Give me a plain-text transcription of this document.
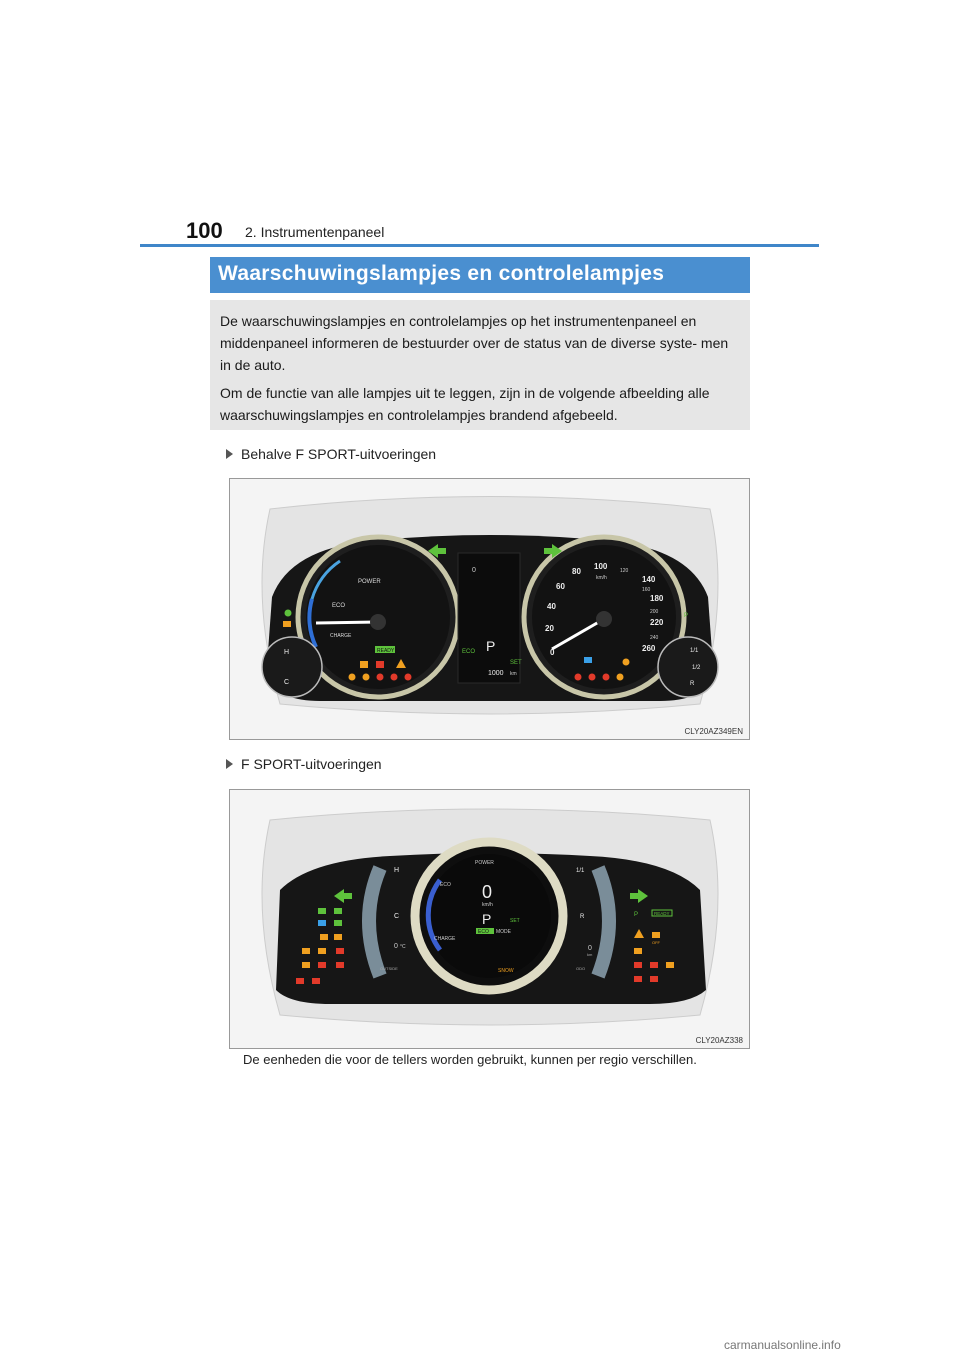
100 2. Instrumentenpaneel
Waarschuwingslampjes en controlelampjes

De waarschuwingslampjes en controlelampjes op het instrumentenpaneel en middenpaneel informeren de bestuurder over de status van de diverse syste- men in de auto.

Om de functie van alle lampjes uit te leggen, zijn in de volgende afbeelding alle waarschuwingslampjes en controlelampjes brandend afgebeeld.

Behalve F SPORT-uitvoeringen
POWER
ECO
CHARGE
0
20
40
60
80
100
140
180
220
260
120
160
200
240
km/h
0
P
ECO
SET
1000 km
H
C
1/1
1/2
R
READY
P
CLY20AZ349EN
F SPORT-uitvoeringen
POWER
ECO
CHARGE
0
km/h
P
ECO MODE
SET
SNOW
H
C
0 °C
OUTSIDE
1/1
R
0
km
ODO
P	READY
OFF
CLY20AZ338
De eenheden die voor de tellers worden gebruikt, kunnen per regio verschillen.
carmanualsonline.info
